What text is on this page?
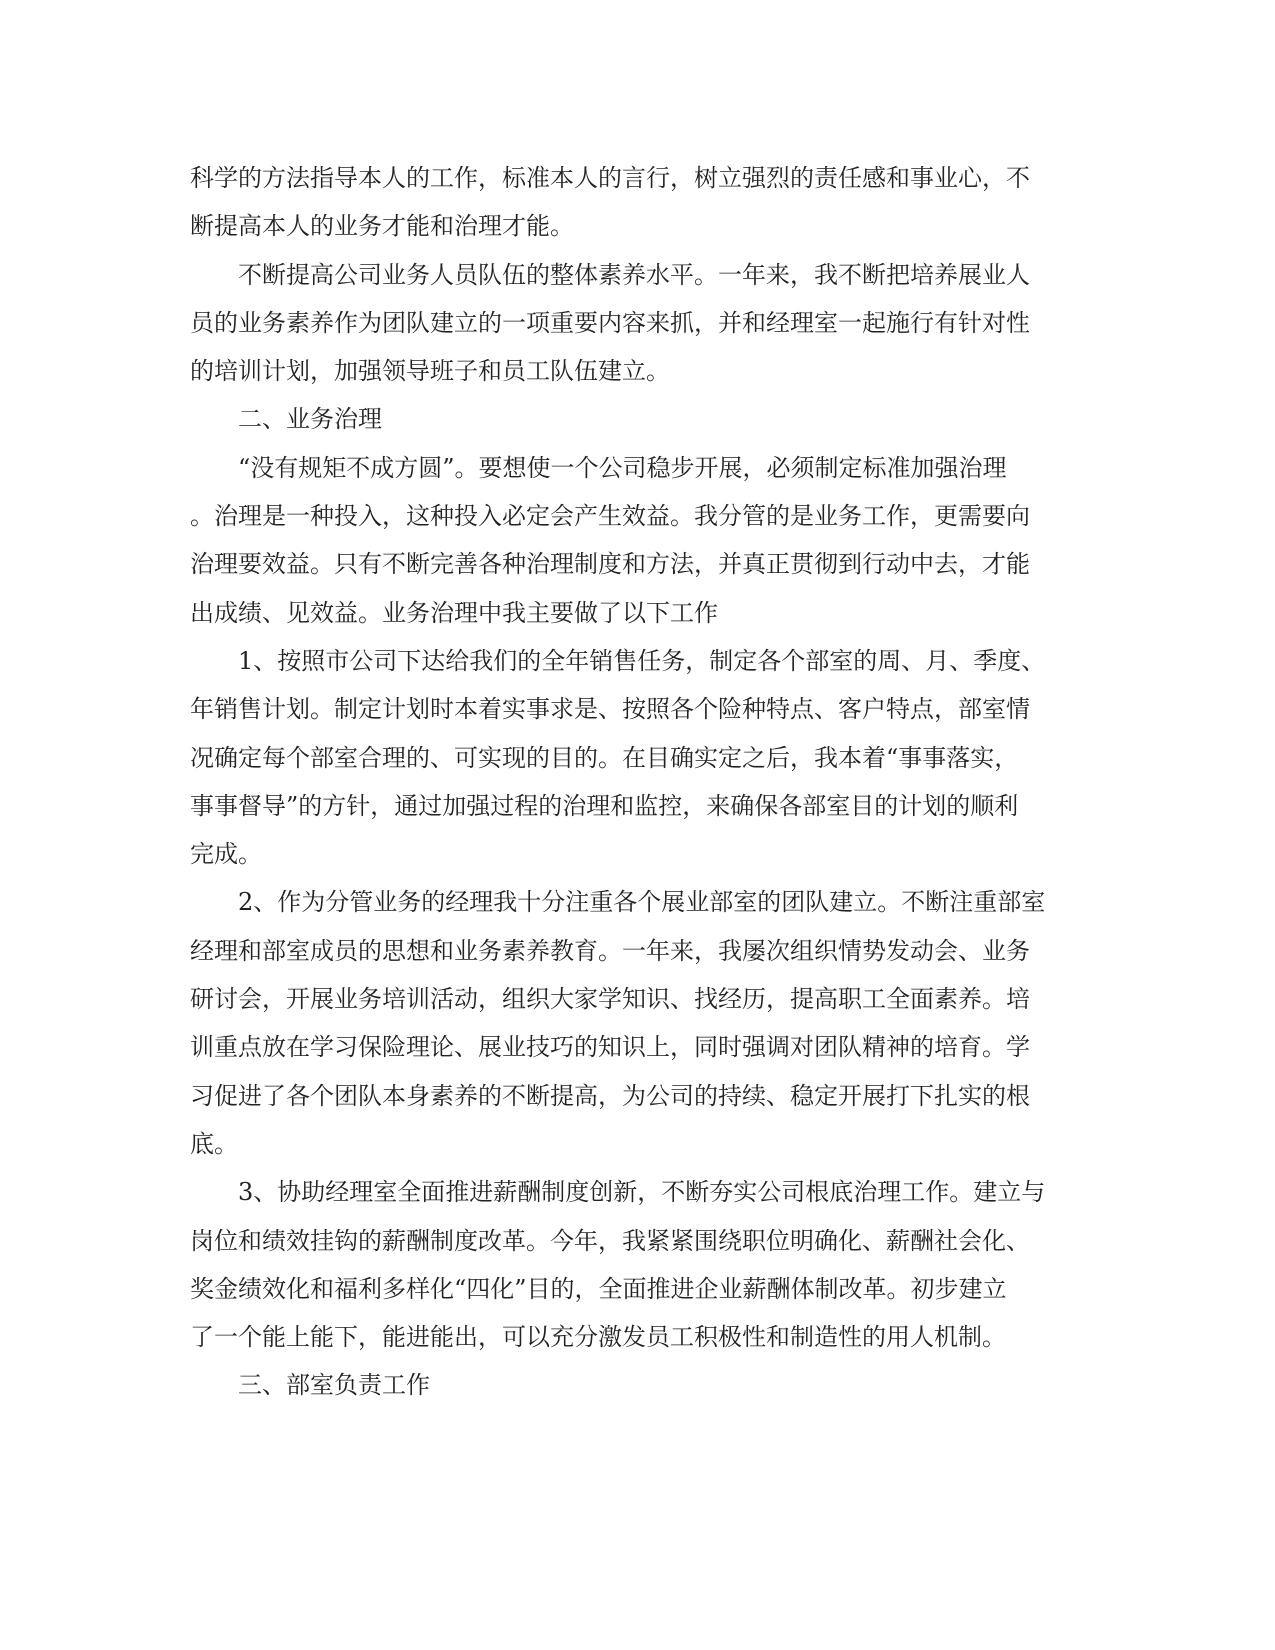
科学的方法指导本人的工作，标准本人的言行，树立强烈的责任感和事业心，不
断提高本人的业务才能和治理才能。
不断提高公司业务人员队伍的整体素养水平。一年来，我不断把培养展业人
员的业务素养作为团队建立的一项重要内容来抓，并和经理室一起施行有针对性
的培训计划，加强领导班子和员工队伍建立。
二、业务治理
“没有规矩不成方圆”。要想使一个公司稳步开展，必须制定标准加强治理
。治理是一种投入，这种投入必定会产生效益。我分管的是业务工作，更需要向
治理要效益。只有不断完善各种治理制度和方法，并真正贯彻到行动中去，才能
出成绩、见效益。业务治理中我主要做了以下工作
1、按照市公司下达给我们的全年销售任务，制定各个部室的周、月、季度、
年销售计划。制定计划时本着实事求是、按照各个险种特点、客户特点，部室情
况确定每个部室合理的、可实现的目的。在目确实定之后，我本着“事事落实，
事事督导”的方针，通过加强过程的治理和监控，来确保各部室目的计划的顺利
完成。
2、作为分管业务的经理我十分注重各个展业部室的团队建立。不断注重部室
经理和部室成员的思想和业务素养教育。一年来，我屡次组织情势发动会、业务
研讨会，开展业务培训活动，组织大家学知识、找经历，提高职工全面素养。培
训重点放在学习保险理论、展业技巧的知识上，同时强调对团队精神的培育。学
习促进了各个团队本身素养的不断提高，为公司的持续、稳定开展打下扎实的根
底。
3、协助经理室全面推进薪酬制度创新，不断夯实公司根底治理工作。建立与
岗位和绩效挂钩的薪酬制度改革。今年，我紧紧围绕职位明确化、薪酬社会化、
奖金绩效化和福利多样化“四化”目的，全面推进企业薪酬体制改革。初步建立
了一个能上能下，能进能出，可以充分激发员工积极性和制造性的用人机制。
三、部室负责工作
